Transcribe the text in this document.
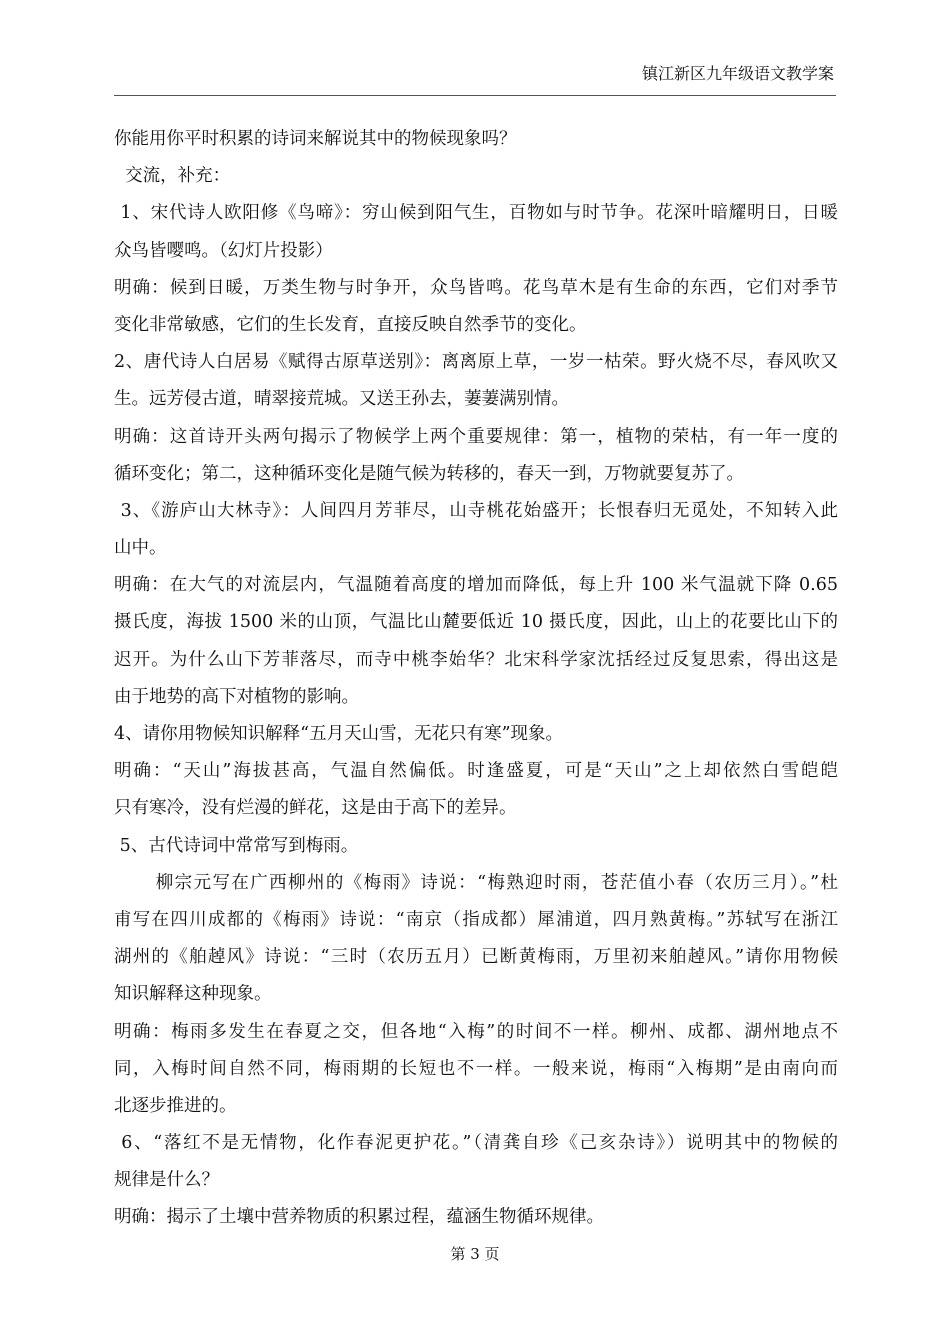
镇江新区九年级语文教学案
你能用你平时积累的诗词来解说其中的物候现象吗？
交流，补充：
1、宋代诗人欧阳修《鸟啼》：穷山候到阳气生，百物如与时节争。花深叶暗耀明日，日暖
众鸟皆嘤鸣。（幻灯片投影）
明确：候到日暖，万类生物与时争开，众鸟皆鸣。花鸟草木是有生命的东西，它们对季节
变化非常敏感，它们的生长发育，直接反映自然季节的变化。
2、唐代诗人白居易《赋得古原草送别》：离离原上草，一岁一枯荣。野火烧不尽，春风吹又
生。远芳侵古道，晴翠接荒城。又送王孙去，萋萋满别情。
明确：这首诗开头两句揭示了物候学上两个重要规律：第一，植物的荣枯，有一年一度的
循环变化；第二，这种循环变化是随气候为转移的，春天一到，万物就要复苏了。
3、《游庐山大林寺》：人间四月芳菲尽，山寺桃花始盛开；长恨春归无觅处，不知转入此
山中。
明确：在大气的对流层内，气温随着高度的增加而降低，每上升 100 米气温就下降 0.65
摄氏度，海拔 1500 米的山顶，气温比山麓要低近 10 摄氏度，因此，山上的花要比山下的
迟开。为什么山下芳菲落尽，而寺中桃李始华？北宋科学家沈括经过反复思索，得出这是
由于地势的高下对植物的影响。
4、请你用物候知识解释“五月天山雪，无花只有寒”现象。
明确：“天山”海拔甚高，气温自然偏低。时逢盛夏，可是“天山”之上却依然白雪皑皑
只有寒冷，没有烂漫的鲜花，这是由于高下的差异。
5、古代诗词中常常写到梅雨。
柳宗元写在广西柳州的《梅雨》诗说：“梅熟迎时雨，苍茫值小春（农历三月）。”杜
甫写在四川成都的《梅雨》诗说：“南京（指成都）犀浦道，四月熟黄梅。”苏轼写在浙江
湖州的《舶趠风》诗说：“三时（农历五月）已断黄梅雨，万里初来舶趠风。”请你用物候
知识解释这种现象。
明确：梅雨多发生在春夏之交，但各地“入梅”的时间不一样。柳州、成都、湖州地点不
同，入梅时间自然不同，梅雨期的长短也不一样。一般来说，梅雨“入梅期”是由南向而
北逐步推进的。
6、“落红不是无情物，化作春泥更护花。”（清龚自珍《己亥杂诗》）说明其中的物候的
规律是什么？
明确：揭示了土壤中营养物质的积累过程，蕴涵生物循环规律。
第 3 页
